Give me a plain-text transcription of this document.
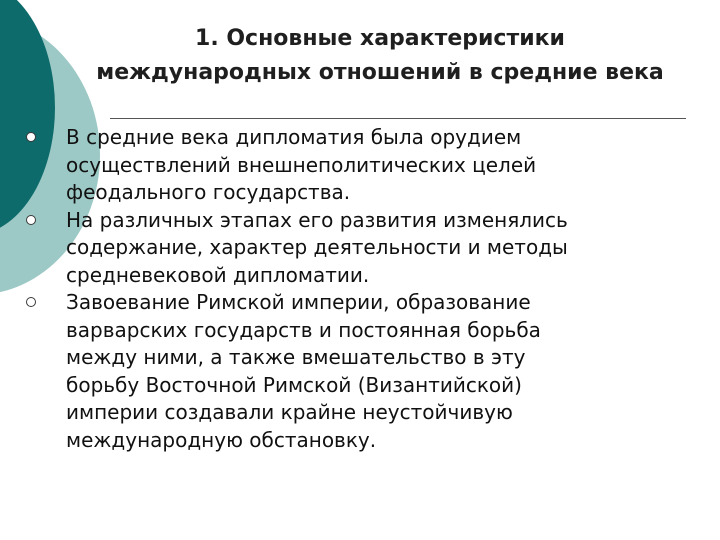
1. Основные характеристики
международных отношений в средние века
В средние века дипломатия была орудием
осуществлений внешнеполитических целей
феодального государства.
На различных этапах его развития изменялись
содержание, характер деятельности и методы
средневековой дипломатии.
Завоевание Римской империи, образование
варварских государств и постоянная борьба
между ними, а также вмешательство в эту
борьбу Восточной Римской (Византийской)
империи создавали крайне неустойчивую
международную обстановку.
